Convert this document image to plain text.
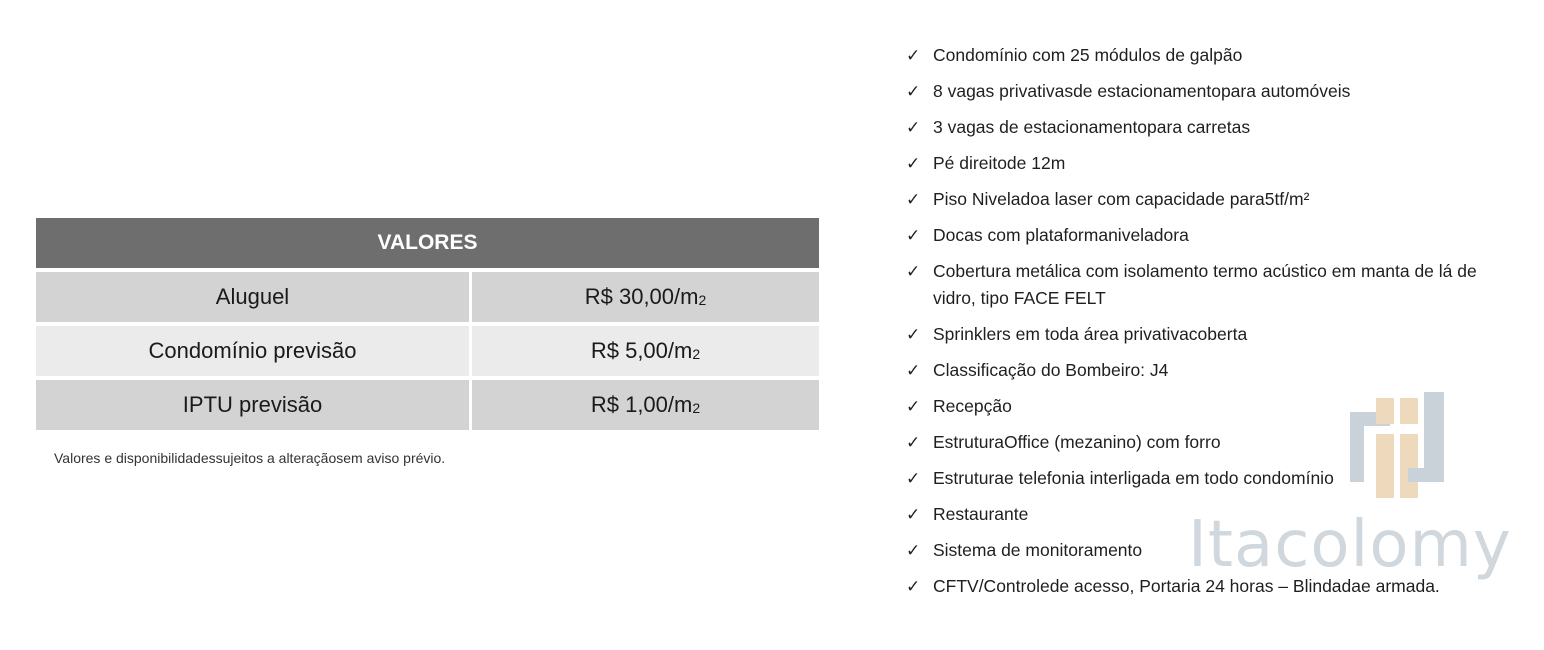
VALORES
Aluguel	R$ 30,00/m 2
Condomínio previsão	R$ 5,00/m 2
IPTU previsão	R$ 1,00/m 2
Valores e disponibilidadessujeitos a alteraçãosem aviso prévio.
Itacolomy
✓ Condomínio com 25 módulos de galpão
✓ 8 vagas privativasde estacionamentopara automóveis
✓ 3 vagas de estacionamentopara carretas
✓ Pé direitode 12m
✓ Piso Niveladoa laser com capacidade para5tf/m²
✓ Docas com plataformaniveladora
✓ Cobertura metálica com isolamento termo acústico em manta de lá de vidro, tipo FACE FELT
✓ Sprinklers em toda área privativacoberta
✓ Classificação do Bombeiro: J4
✓ Recepção
✓ EstruturaOffice (mezanino) com forro
✓ Estruturae telefonia interligada em todo condomínio
✓ Restaurante
✓ Sistema de monitoramento
✓ CFTV/Controlede acesso, Portaria 24 horas – Blindadae armada.
